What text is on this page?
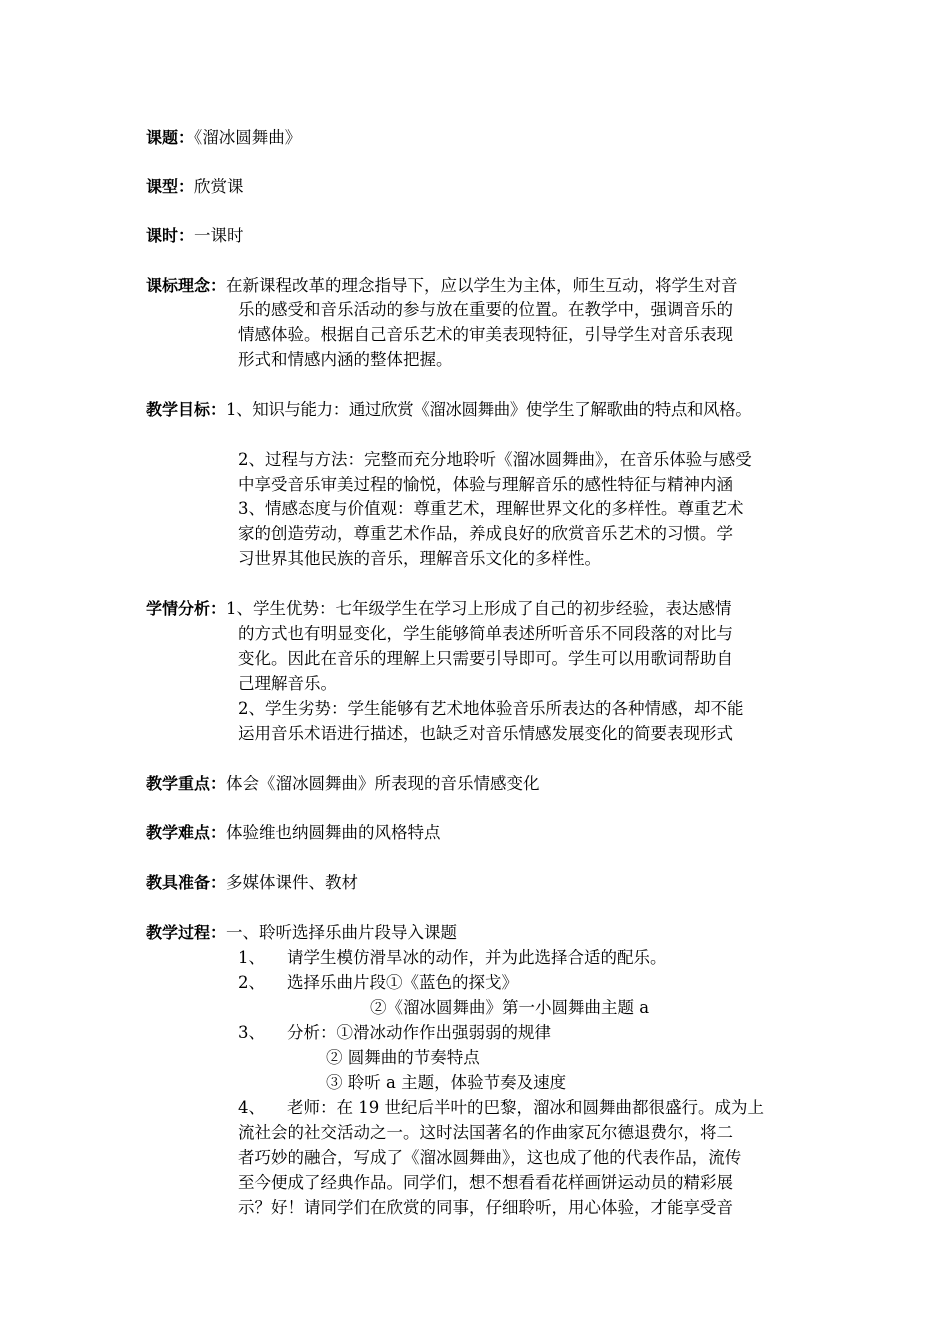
课题：《溜冰圆舞曲》
课型：欣赏课
课时：一课时
课标理念：在新课程改革的理念指导下，应以学生为主体，师生互动，将学生对音
乐的感受和音乐活动的参与放在重要的位置。在教学中，强调音乐的
情感体验。根据自己音乐艺术的审美表现特征，引导学生对音乐表现
形式和情感内涵的整体把握。
教学目标：1、知识与能力：通过欣赏《溜冰圆舞曲》使学生了解歌曲的特点和风格。
2、过程与方法：完整而充分地聆听《溜冰圆舞曲》，在音乐体验与感受
中享受音乐审美过程的愉悦，体验与理解音乐的感性特征与精神内涵
3、情感态度与价值观：尊重艺术，理解世界文化的多样性。尊重艺术
家的创造劳动，尊重艺术作品，养成良好的欣赏音乐艺术的习惯。学
习世界其他民族的音乐，理解音乐文化的多样性。
学情分析：1、学生优势：七年级学生在学习上形成了自己的初步经验，表达感情
的方式也有明显变化，学生能够简单表述所听音乐不同段落的对比与
变化。因此在音乐的理解上只需要引导即可。学生可以用歌词帮助自
己理解音乐。
2、学生劣势：学生能够有艺术地体验音乐所表达的各种情感，却不能
运用音乐术语进行描述，也缺乏对音乐情感发展变化的简要表现形式
教学重点：体会《溜冰圆舞曲》所表现的音乐情感变化
教学难点：体验维也纳圆舞曲的风格特点
教具准备：多媒体课件、教材
教学过程：一、聆听选择乐曲片段导入课题
1、 请学生模仿滑旱冰的动作，并为此选择合适的配乐。
2、 选择乐曲片段①《蓝色的探戈》
②《溜冰圆舞曲》第一小圆舞曲主题 a
3、 分析：①滑冰动作作出强弱弱的规律
② 圆舞曲的节奏特点
③ 聆听 a 主题，体验节奏及速度
4、 老师：在 19 世纪后半叶的巴黎，溜冰和圆舞曲都很盛行。成为上
流社会的社交活动之一。这时法国著名的作曲家瓦尔德退费尔，将二
者巧妙的融合，写成了《溜冰圆舞曲》，这也成了他的代表作品，流传
至今便成了经典作品。同学们，想不想看看花样画饼运动员的精彩展
示？好！请同学们在欣赏的同事，仔细聆听，用心体验，才能享受音
